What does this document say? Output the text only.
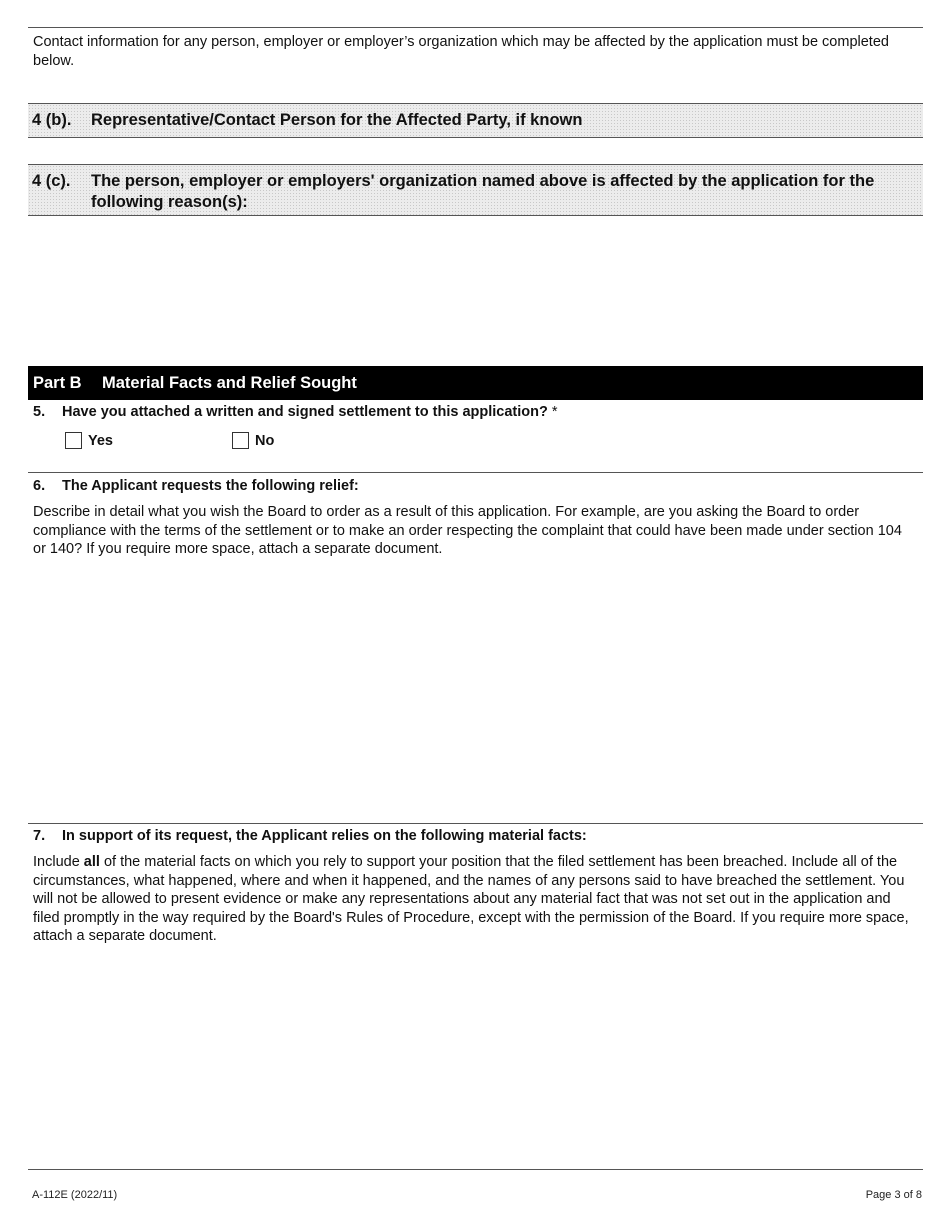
Contact information for any person, employer or employer’s organization which may be affected by the application must be completed below.
4 (b).	Representative/Contact Person for the Affected Party, if known
4 (c).	The person, employer or employers' organization named above is affected by the application for the following reason(s):
Part B	Material Facts and Relief Sought
5.	Have you attached a written and signed settlement to this application? *
Yes	No
6.	The Applicant requests the following relief:
Describe in detail what you wish the Board to order as a result of this application. For example, are you asking the Board to order compliance with the terms of the settlement or to make an order respecting the complaint that could have been made under section 104 or 140? If you require more space, attach a separate document.
7.	In support of its request, the Applicant relies on the following material facts:
Include all of the material facts on which you rely to support your position that the filed settlement has been breached. Include all of the circumstances, what happened, where and when it happened, and the names of any persons said to have breached the settlement. You will not be allowed to present evidence or make any representations about any material fact that was not set out in the application and filed promptly in the way required by the Board's Rules of Procedure, except with the permission of the Board. If you require more space, attach a separate document.
A-112E (2022/11)	Page 3 of 8
